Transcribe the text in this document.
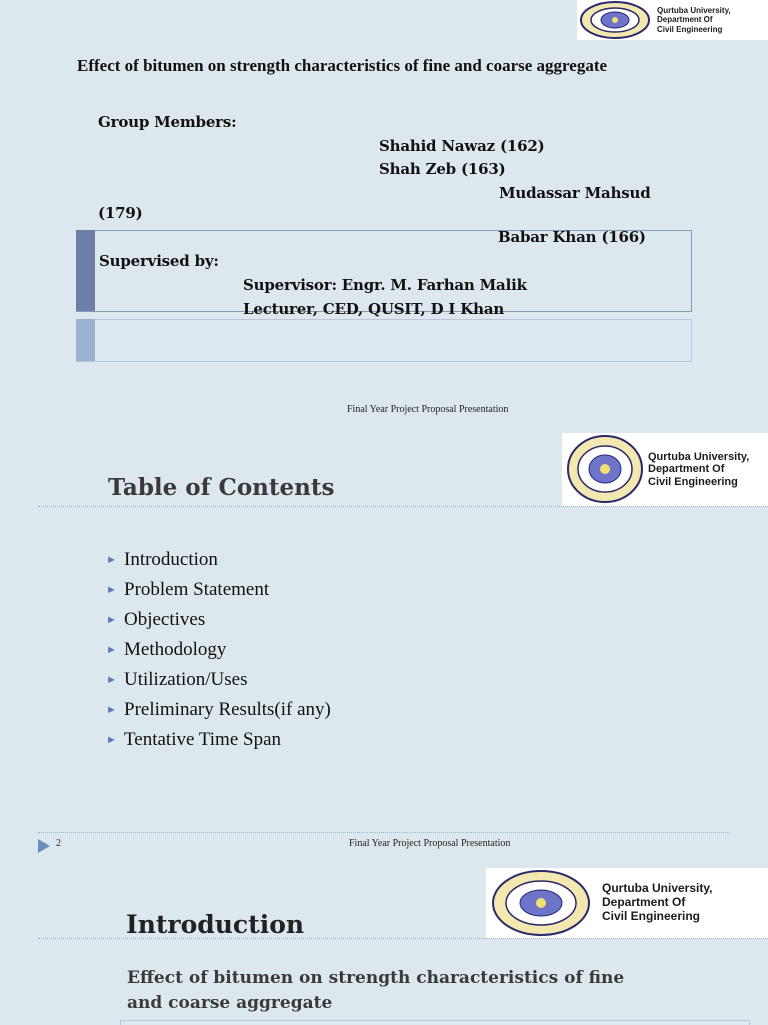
Qurtuba University,
Department Of
Civil Engineering
Effect of bitumen on strength characteristics of fine and coarse aggregate
Group Members:
Shahid Nawaz (162)
Shah Zeb (163)
Mudassar Mahsud
(179)
Babar Khan (166)
Supervised by:
Supervisor: Engr. M. Farhan Malik
Lecturer, CED, QUSIT, D I Khan
Final Year Project Proposal Presentation
Qurtuba University,
Department Of
Civil Engineering
Table of Contents
► Introduction
► Problem Statement
► Objectives
► Methodology
► Utilization/Uses
► Preliminary Results(if any)
► Tentative Time Span
2	Final Year Project Proposal Presentation
Qurtuba University,
Department Of
Civil Engineering
Introduction
Effect of bitumen on strength characteristics of fine and coarse aggregate
